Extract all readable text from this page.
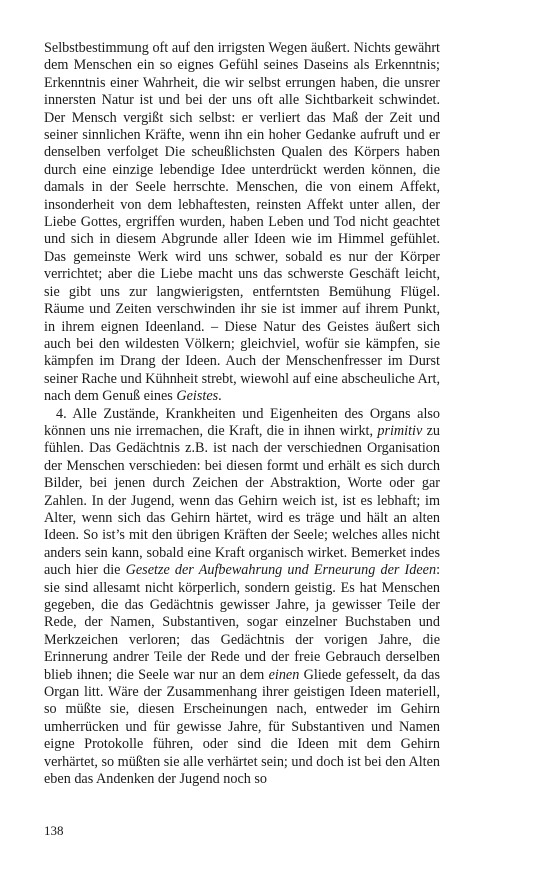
Selbstbestimmung oft auf den irrigsten Wegen äußert. Nichts gewährt dem Menschen ein so eignes Gefühl seines Daseins als Erkenntnis; Erkenntnis einer Wahrheit, die wir selbst errungen haben, die unsrer innersten Natur ist und bei der uns oft alle Sichtbarkeit schwindet. Der Mensch vergißt sich selbst: er verliert das Maß der Zeit und seiner sinnlichen Kräfte, wenn ihn ein hoher Gedanke aufruft und er denselben verfolget Die scheußlichsten Qualen des Körpers haben durch eine einzige lebendige Idee unterdrückt werden können, die damals in der Seele herrschte. Menschen, die von einem Affekt, insonderheit von dem lebhaftesten, reinsten Affekt unter allen, der Liebe Gottes, ergriffen wurden, haben Leben und Tod nicht geachtet und sich in diesem Abgrunde aller Ideen wie im Himmel gefühlet. Das gemeinste Werk wird uns schwer, sobald es nur der Körper verrichtet; aber die Liebe macht uns das schwerste Geschäft leicht, sie gibt uns zur langwierigsten, entferntsten Bemühung Flügel. Räume und Zeiten verschwinden ihr sie ist immer auf ihrem Punkt, in ihrem eignen Ideenland. – Diese Natur des Geistes äußert sich auch bei den wildesten Völkern; gleichviel, wofür sie kämpfen, sie kämpfen im Drang der Ideen. Auch der Menschenfresser im Durst seiner Rache und Kühnheit strebt, wiewohl auf eine abscheuliche Art, nach dem Genuß eines Geistes.

4. Alle Zustände, Krankheiten und Eigenheiten des Organs also können uns nie irremachen, die Kraft, die in ihnen wirkt, primitiv zu fühlen. Das Gedächtnis z.B. ist nach der verschiednen Organisation der Menschen verschieden: bei diesen formt und erhält es sich durch Bilder, bei jenen durch Zeichen der Abstraktion, Worte oder gar Zahlen. In der Jugend, wenn das Gehirn weich ist, ist es lebhaft; im Alter, wenn sich das Gehirn härtet, wird es träge und hält an alten Ideen. So ist’s mit den übrigen Kräften der Seele; welches alles nicht anders sein kann, sobald eine Kraft organisch wirket. Bemerket indes auch hier die Gesetze der Aufbewahrung und Erneurung der Ideen: sie sind allesamt nicht körperlich, sondern geistig. Es hat Menschen gegeben, die das Gedächtnis gewisser Jahre, ja gewisser Teile der Rede, der Namen, Substantiven, sogar einzelner Buchstaben und Merkzeichen verloren; das Gedächtnis der vorigen Jahre, die Erinnerung andrer Teile der Rede und der freie Gebrauch derselben blieb ihnen; die Seele war nur an dem einen Gliede gefesselt, da das Organ litt. Wäre der Zusammenhang ihrer geistigen Ideen materiell, so müßte sie, diesen Erscheinungen nach, entweder im Gehirn umherrücken und für gewisse Jahre, für Substantiven und Namen eigne Protokolle führen, oder sind die Ideen mit dem Gehirn verhärtet, so müßten sie alle verhärtet sein; und doch ist bei den Alten eben das Andenken der Jugend noch so

138
